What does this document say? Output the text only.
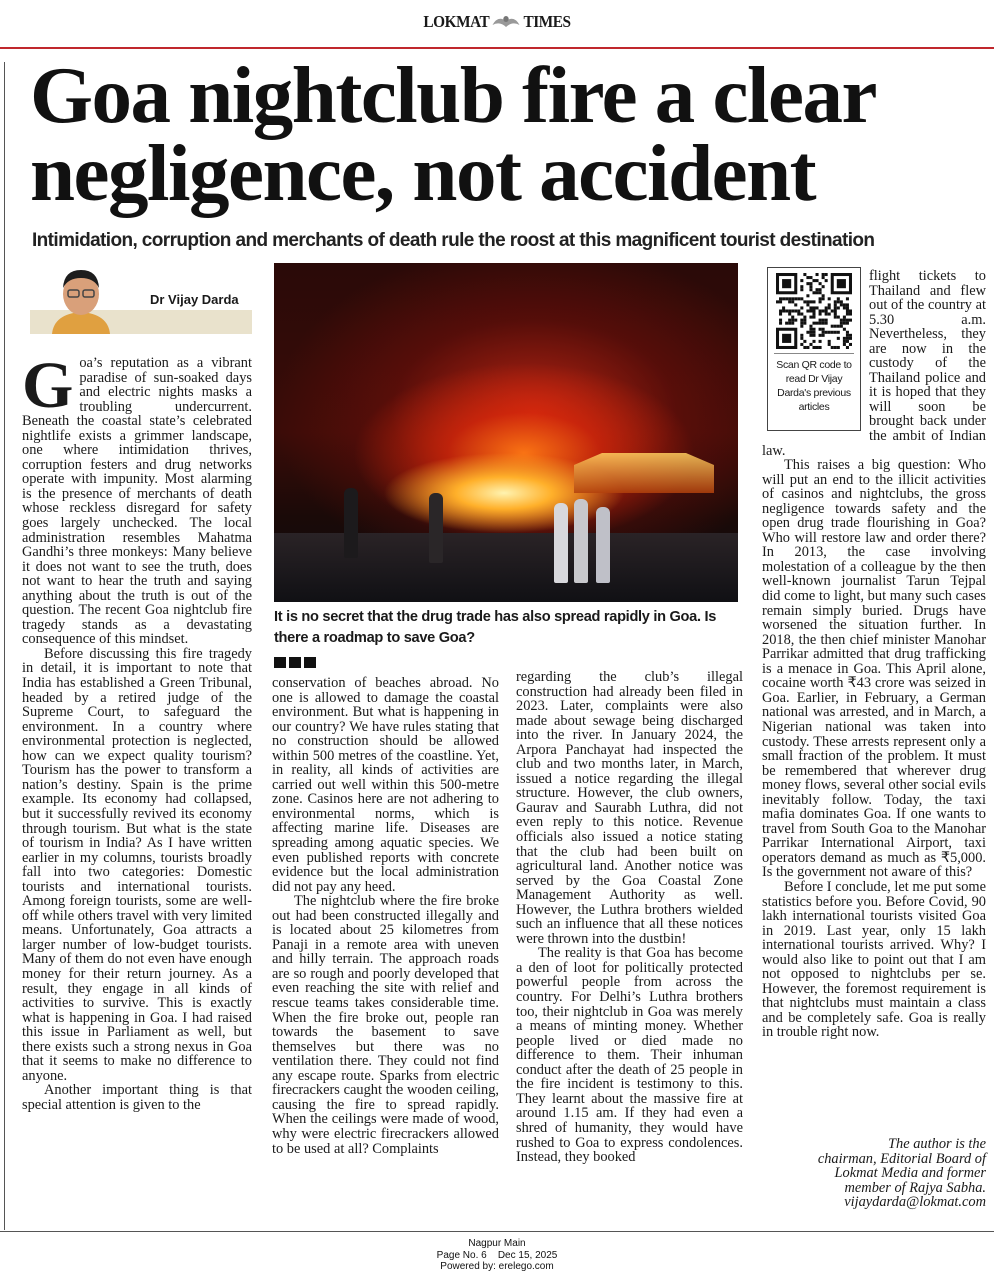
LOKMAT TIMES
Goa nightclub fire a clear
negligence, not accident
Intimidation, corruption and merchants of death rule the roost at this magnificent tourist destination
Dr Vijay Darda

Goa’s reputation as a vibrant paradise of sun-soaked days and electric nights masks a troubling undercurrent. Beneath the coastal state’s celebrated nightlife exists a grimmer landscape, one where intimidation thrives, corruption festers and drug networks operate with impunity. Most alarming is the presence of merchants of death whose reckless disregard for safety goes largely unchecked. The local administration resembles Mahatma Gandhi’s three monkeys: Many believe it does not want to see the truth, does not want to hear the truth and saying anything about the truth is out of the question. The recent Goa nightclub fire tragedy stands as a devastating consequence of this mindset.

Before discussing this fire tragedy in detail, it is important to note that India has established a Green Tribunal, headed by a retired judge of the Supreme Court, to safeguard the environment. In a country where environmental protection is neglected, how can we expect quality tourism? Tourism has the power to transform a nation’s destiny. Spain is the prime example. Its economy had collapsed, but it successfully revived its economy through tourism. But what is the state of tourism in India? As I have written earlier in my columns, tourists broadly fall into two categories: Domestic tourists and international tourists. Among foreign tourists, some are well-off while others travel with very limited means. Unfortunately, Goa attracts a larger number of low-budget tourists. Many of them do not even have enough money for their return journey. As a result, they engage in all kinds of activities to survive. This is exactly what is happening in Goa. I had raised this issue in Parliament as well, but there exists such a strong nexus in Goa that it seems to make no difference to anyone.

Another important thing is that special attention is given to the

It is no secret that the drug trade has also spread rapidly in Goa. Is there a roadmap to save Goa?

conservation of beaches abroad. No one is allowed to damage the coastal environment. But what is happening in our country? We have rules stating that no construction should be allowed within 500 metres of the coastline. Yet, in reality, all kinds of activities are carried out well within this 500-metre zone. Casinos here are not adhering to environmental norms, which is affecting marine life. Diseases are spreading among aquatic species. We even published reports with concrete evidence but the local administration did not pay any heed.

The nightclub where the fire broke out had been constructed illegally and is located about 25 kilometres from Panaji in a remote area with uneven and hilly terrain. The approach roads are so rough and poorly developed that even reaching the site with relief and rescue teams takes considerable time. When the fire broke out, people ran towards the basement to save themselves but there was no ventilation there. They could not find any escape route. Sparks from electric firecrackers caught the wooden ceiling, causing the fire to spread rapidly. When the ceilings were made of wood, why were electric firecrackers allowed to be used at all? Complaints

regarding the club’s illegal construction had already been filed in 2023. Later, complaints were also made about sewage being discharged into the river. In January 2024, the Arpora Panchayat had inspected the club and two months later, in March, issued a notice regarding the illegal structure. However, the club owners, Gaurav and Saurabh Luthra, did not even reply to this notice. Revenue officials also issued a notice stating that the club had been built on agricultural land. Another notice was served by the Goa Coastal Zone Management Authority as well. However, the Luthra brothers wielded such an influence that all these notices were thrown into the dustbin!

The reality is that Goa has become a den of loot for politically protected powerful people from across the country. For Delhi’s Luthra brothers too, their nightclub in Goa was merely a means of minting money. Whether people lived or died made no difference to them. Their inhuman conduct after the death of 25 people in the fire incident is testimony to this. They learnt about the massive fire at around 1.15 am. If they had even a shred of humanity, they would have rushed to Goa to express condolences. Instead, they booked

Scan QR code to read Dr Vijay Darda's previous articles

flight tickets to Thailand and flew out of the country at 5.30 a.m. Nevertheless, they are now in the custody of the Thailand police and it is hoped that they will soon be brought back under the ambit of Indian law.

This raises a big question: Who will put an end to the illicit activities of casinos and nightclubs, the gross negligence towards safety and the open drug trade flourishing in Goa? Who will restore law and order there? In 2013, the case involving molestation of a colleague by the then well-known journalist Tarun Tejpal did come to light, but many such cases remain simply buried. Drugs have worsened the situation further. In 2018, the then chief minister Manohar Parrikar admitted that drug trafficking is a menace in Goa. This April alone, cocaine worth ₹43 crore was seized in Goa. Earlier, in February, a German national was arrested, and in March, a Nigerian national was taken into custody. These arrests represent only a small fraction of the problem. It must be remembered that wherever drug money flows, several other social evils inevitably follow. Today, the taxi mafia dominates Goa. If one wants to travel from South Goa to the Manohar Parrikar International Airport, taxi operators demand as much as ₹5,000. Is the government not aware of this?

Before I conclude, let me put some statistics before you. Before Covid, 90 lakh international tourists visited Goa in 2019. Last year, only 15 lakh international tourists arrived. Why? I would also like to point out that I am not opposed to nightclubs per se. However, the foremost requirement is that nightclubs must maintain a class and be completely safe. Goa is really in trouble right now.

The author is the
chairman, Editorial Board of
Lokmat Media and former
member of Rajya Sabha.
vijaydarda@lokmat.com
Nagpur Main
Page No. 6 Dec 15, 2025
Powered by: erelego.com
